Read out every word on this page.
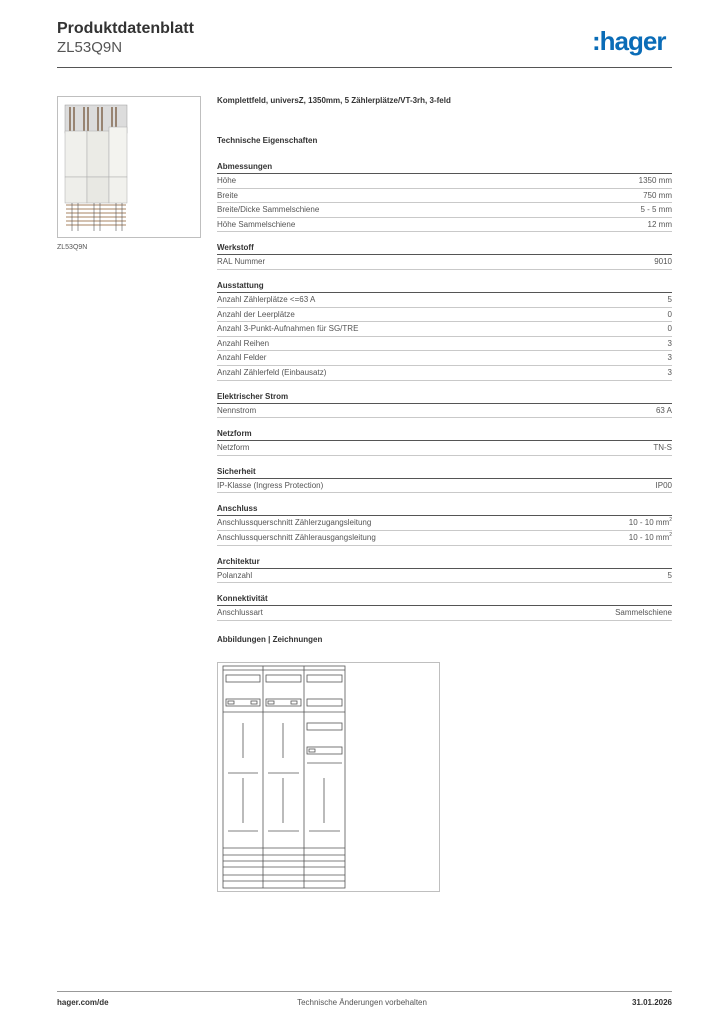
Produktdatenblatt
ZL53Q9N	:hager
ZL53Q9N
Komplettfeld, universZ, 1350mm, 5 Zählerplätze/VT-3rh, 3-feld
Technische Eigenschaften
Abmessungen
Höhe	1350 mm
Breite	750 mm
Breite/Dicke Sammelschiene	5 - 5 mm
Höhe Sammelschiene	12 mm
Werkstoff
RAL Nummer	9010
Ausstattung
Anzahl Zählerplätze <=63 A	5
Anzahl der Leerplätze	0
Anzahl 3-Punkt-Aufnahmen für SG/TRE	0
Anzahl Reihen	3
Anzahl Felder	3
Anzahl Zählerfeld (Einbausatz)	3
Elektrischer Strom
Nennstrom	63 A
Netzform
Netzform	TN-S
Sicherheit
IP-Klasse (Ingress Protection)	IP00
Anschluss
Anschlussquerschnitt Zählerzugangsleitung	10 - 10 $mm^2$
Anschlussquerschnitt Zählerausgangsleitung	10 - 10 $mm^2$
Architektur
Polanzahl	5
Konnektivität
Anschlussart	Sammelschiene
Abbildungen | Zeichnungen
hager.com/de	Technische Änderungen vorbehalten	31.01.2026
